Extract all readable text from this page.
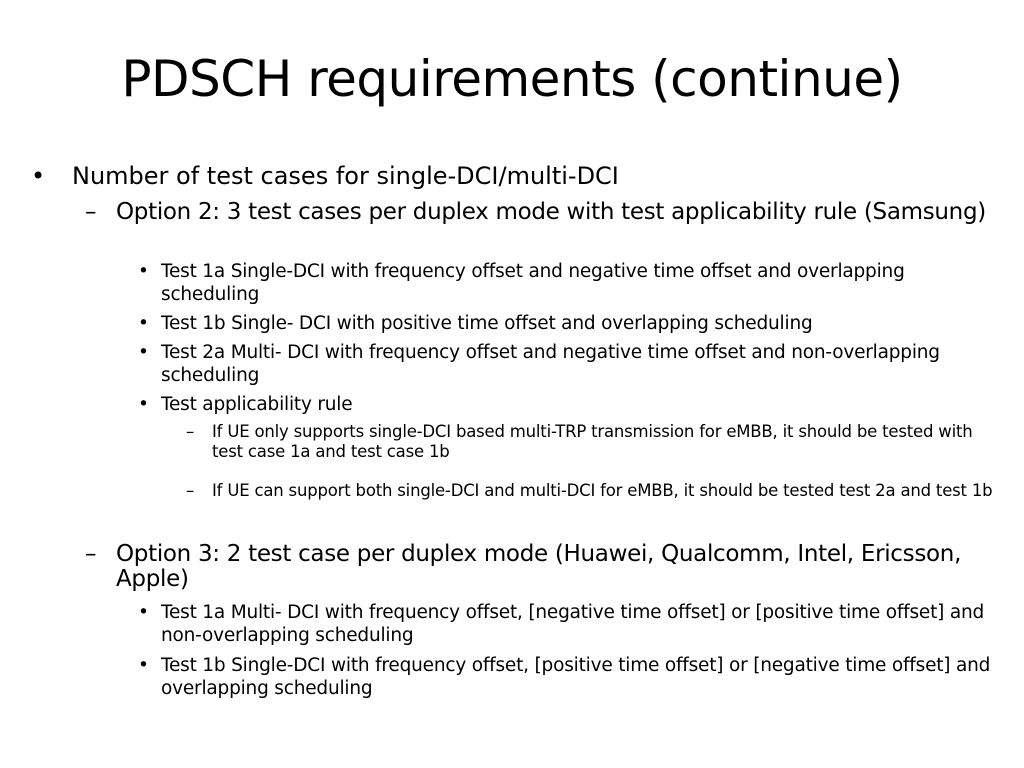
PDSCH requirements (continue)
• Number of test cases for single-DCI/multi-DCI
– Option 2: 3 test cases per duplex mode with test applicability rule (Samsung)
• Test 1a Single-DCI with frequency offset and negative time offset and overlapping scheduling
• Test 1b Single- DCI with positive time offset and overlapping scheduling
• Test 2a Multi- DCI with frequency offset and negative time offset and non-overlapping scheduling
• Test applicability rule
– If UE only supports single-DCI based multi-TRP transmission for eMBB, it should be tested with test case 1a and test case 1b
– If UE can support both single-DCI and multi-DCI for eMBB, it should be tested test 2a and test 1b
– Option 3: 2 test case per duplex mode (Huawei, Qualcomm, Intel, Ericsson, Apple)
• Test 1a Multi- DCI with frequency offset, [negative time offset] or [positive time offset] and non-overlapping scheduling
• Test 1b Single-DCI with frequency offset, [positive time offset] or [negative time offset] and overlapping scheduling
